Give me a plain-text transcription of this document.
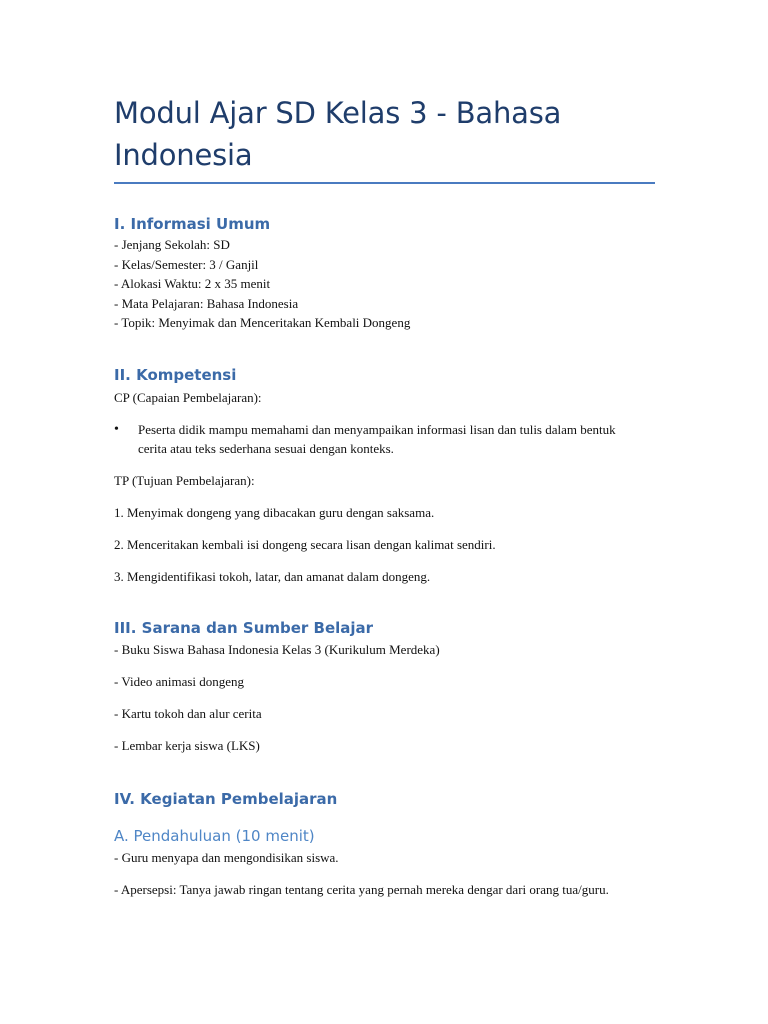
Modul Ajar SD Kelas 3 - Bahasa Indonesia
I. Informasi Umum

- Jenjang Sekolah: SD

- Kelas/Semester: 3 / Ganjil

- Alokasi Waktu: 2 x 35 menit

- Mata Pelajaran: Bahasa Indonesia

- Topik: Menyimak dan Menceritakan Kembali Dongeng

II. Kompetensi

CP (Capaian Pembelajaran):

•	Peserta didik mampu memahami dan menyampaikan informasi lisan dan tulis dalam bentuk cerita atau teks sederhana sesuai dengan konteks.

TP (Tujuan Pembelajaran):

1. Menyimak dongeng yang dibacakan guru dengan saksama.

2. Menceritakan kembali isi dongeng secara lisan dengan kalimat sendiri.

3. Mengidentifikasi tokoh, latar, dan amanat dalam dongeng.

III. Sarana dan Sumber Belajar

- Buku Siswa Bahasa Indonesia Kelas 3 (Kurikulum Merdeka)

- Video animasi dongeng

- Kartu tokoh dan alur cerita

- Lembar kerja siswa (LKS)

IV. Kegiatan Pembelajaran
A. Pendahuluan (10 menit)

- Guru menyapa dan mengondisikan siswa.

- Apersepsi: Tanya jawab ringan tentang cerita yang pernah mereka dengar dari orang tua/guru.
